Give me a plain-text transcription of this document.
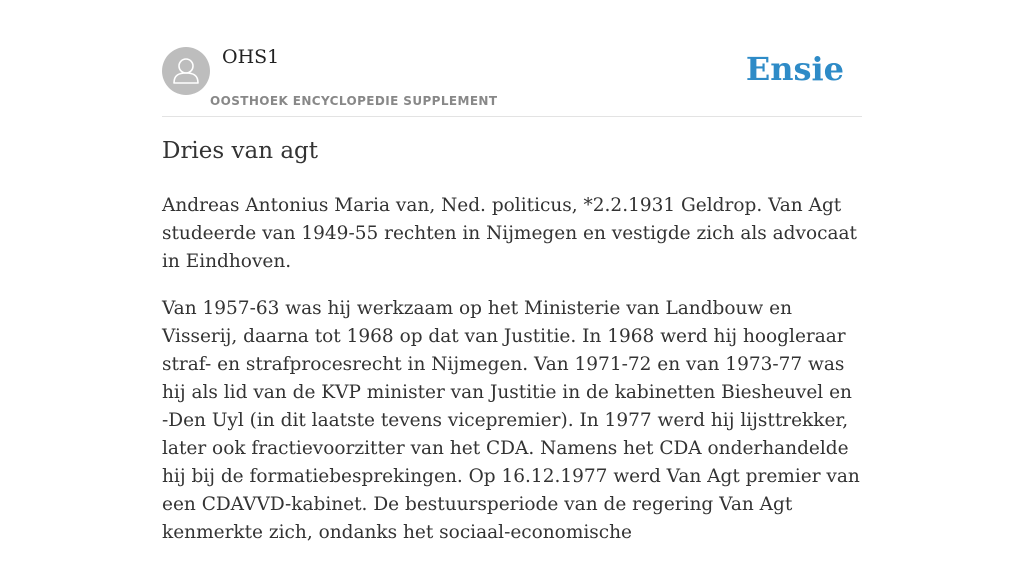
OHS1
OOSTHOEK ENCYCLOPEDIE SUPPLEMENT
Ensie
Dries van agt

Andreas Antonius Maria van, Ned. politicus, *2.2.1931 Geldrop. Van Agt studeerde van 1949-55 rechten in Nijmegen en vestigde zich als advocaat in Eindhoven.

Van 1957-63 was hij werkzaam op het Ministerie van Landbouw en Visserij, daarna tot 1968 op dat van Justitie. In 1968 werd hij hoogleraar straf- en strafprocesrecht in Nijmegen. Van 1971-72 en van 1973-77 was hij als lid van de KVP minister van Justitie in de kabinetten Biesheuvel en -Den Uyl (in dit laatste tevens vicepremier). In 1977 werd hij lijsttrekker, later ook fractievoorzitter van het CDA. Namens het CDA onderhandelde hij bij de formatiebesprekingen. Op 16.12.1977 werd Van Agt premier van een CDAVVD-kabinet. De bestuursperiode van de regering Van Agt kenmerkte zich, ondanks het sociaal-economische
